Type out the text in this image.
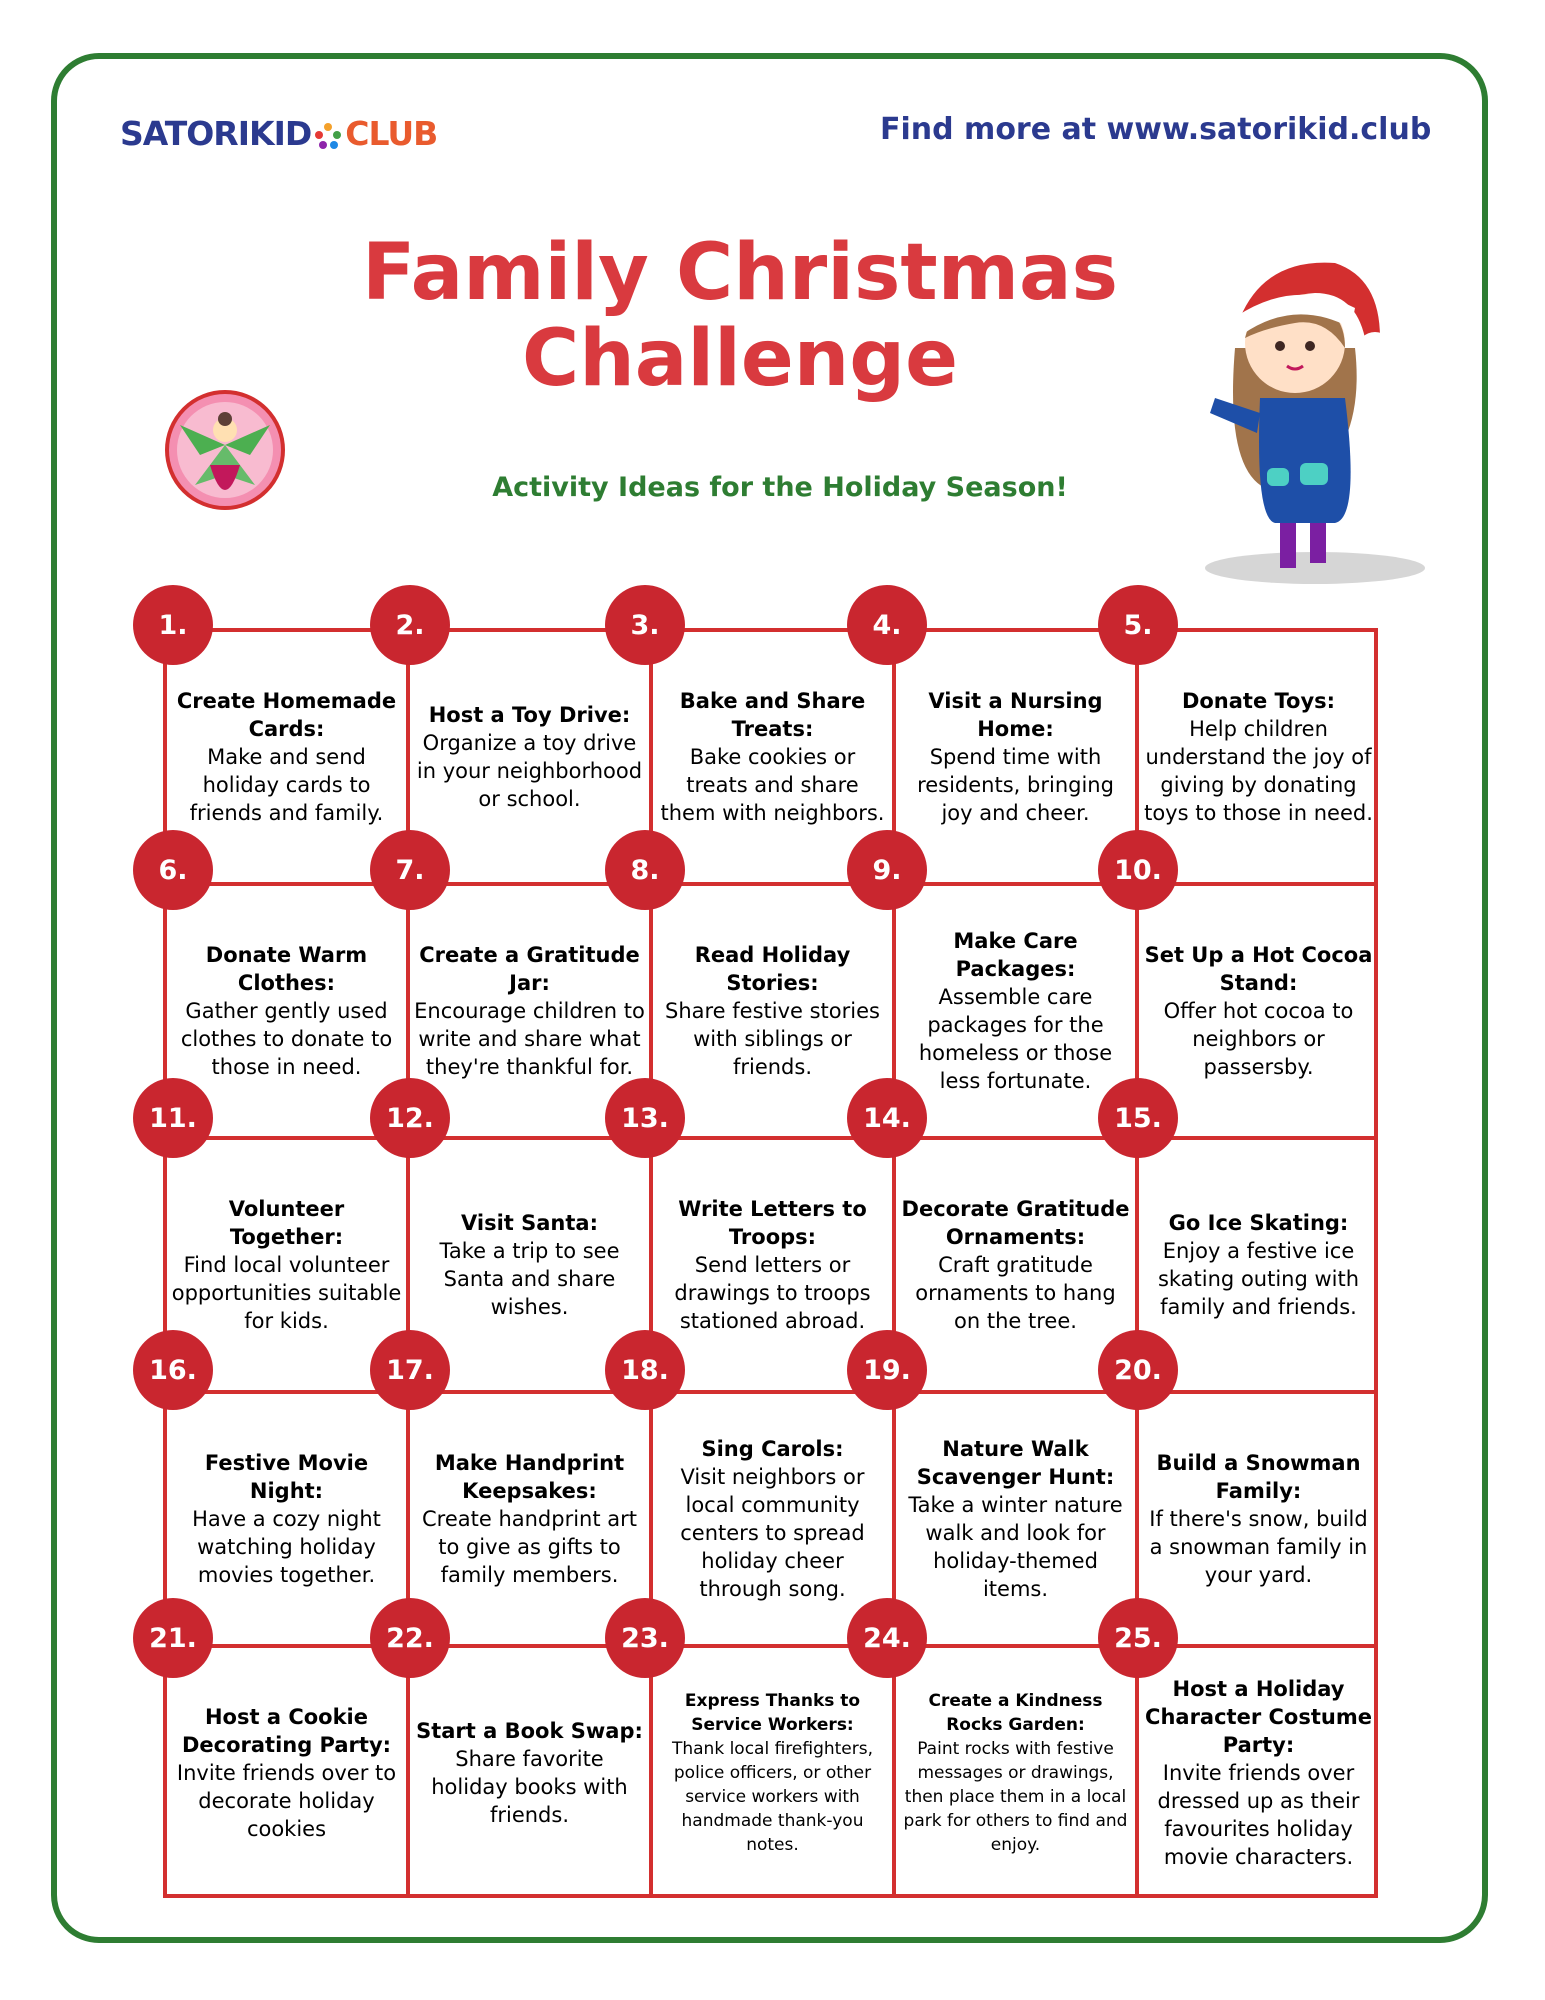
SATORIKID CLUB	Find more at www.satorikid.club
Family Christmas
Challenge
Activity Ideas for the Holiday Season!
Create Homemade Cards:
Make and send holiday cards to friends and family.
Host a Toy Drive:
Organize a toy drive in your neighborhood or school.
Bake and Share Treats:
Bake cookies or treats and share them with neighbors.
Visit a Nursing Home:
Spend time with residents, bringing joy and cheer.
Donate Toys:
Help children understand the joy of giving by donating toys to those in need.
Donate Warm Clothes:
Gather gently used clothes to donate to those in need.
Create a Gratitude Jar:
Encourage children to write and share what they're thankful for.
Read Holiday Stories:
Share festive stories with siblings or friends.
Make Care Packages:
Assemble care packages for the homeless or those less fortunate.
Set Up a Hot Cocoa Stand:
Offer hot cocoa to neighbors or passersby.
Volunteer Together:
Find local volunteer opportunities suitable for kids.
Visit Santa:
Take a trip to see Santa and share wishes.
Write Letters to Troops:
Send letters or drawings to troops stationed abroad.
Decorate Gratitude Ornaments:
Craft gratitude ornaments to hang on the tree.
Go Ice Skating:
Enjoy a festive ice skating outing with family and friends.
Festive Movie Night:
Have a cozy night watching holiday movies together.
Make Handprint Keepsakes:
Create handprint art to give as gifts to family members.
Sing Carols:
Visit neighbors or local community centers to spread holiday cheer through song.
Nature Walk Scavenger Hunt:
Take a winter nature walk and look for holiday-themed items.
Build a Snowman Family:
If there's snow, build a snowman family in your yard.
Host a Cookie Decorating Party:
Invite friends over to decorate holiday cookies
Start a Book Swap:
Share favorite holiday books with friends.
Express Thanks to Service Workers:
Thank local firefighters, police officers, or other service workers with handmade thank-you notes.
Create a Kindness Rocks Garden:
Paint rocks with festive messages or drawings, then place them in a local park for others to find and enjoy.
Host a Holiday Character Costume Party:
Invite friends over dressed up as their favourites holiday movie characters.
1.	2.	3.	4.	5.
6.	7.	8.	9.	10.
11.	12.	13.	14.	15.
16.	17.	18.	19.	20.
21.	22.	23.	24.	25.
